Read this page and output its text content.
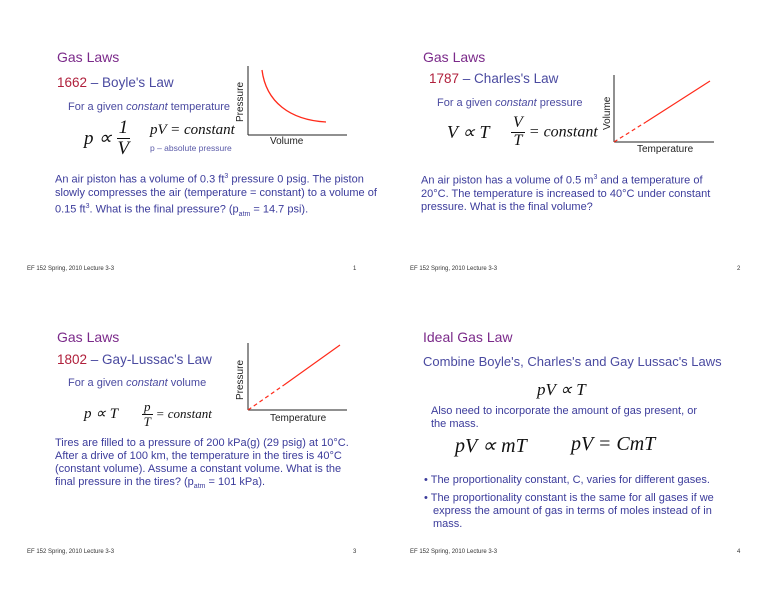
Gas Laws
1662 – Boyle's Law
For a given constant temperature
$p \propto \frac{1}{V}$ pV = constant
p – absolute pressure
Pressure
Volume
An air piston has a volume of 0.3 $ft^3$ pressure 0 psig. The piston slowly compresses the air (temperature = constant) to a volume of 0.15 $ft^3$. What is the final pressure? ($p_{atm} = 14.7$ psi).
EF 152 Spring, 2010 Lecture 3-3	1
Gas Laws
1787 – Charles's Law
For a given constant pressure
V ∝ T $\frac{V}{T}$ = constant
Volume
Temperature
An air piston has a volume of 0.5 $m^3$ and a temperature of 20°C. The temperature is increased to 40°C under constant pressure. What is the final volume?
EF 152 Spring, 2010 Lecture 3-3	2
Gas Laws
1802 – Gay-Lussac's Law
For a given constant volume
p ∝ T $\frac{p}{T}$ = constant
Pressure
Temperature
Tires are filled to a pressure of 200 kPa(g) (29 psig) at 10°C. After a drive of 100 km, the temperature in the tires is 40°C (constant volume). Assume a constant volume. What is the final pressure in the tires? ($p_{atm} = 101$ kPa).
EF 152 Spring, 2010 Lecture 3-3	3
Ideal Gas Law
Combine Boyle's, Charles's and Gay Lussac's Laws
pV ∝ T
Also need to incorporate the amount of gas present, or the mass.
pV ∝ mT pV = CmT
• The proportionality constant, C, varies for different gases.
• The proportionality constant is the same for all gases if we express the amount of gas in terms of moles instead of in mass.
EF 152 Spring, 2010 Lecture 3-3	4
